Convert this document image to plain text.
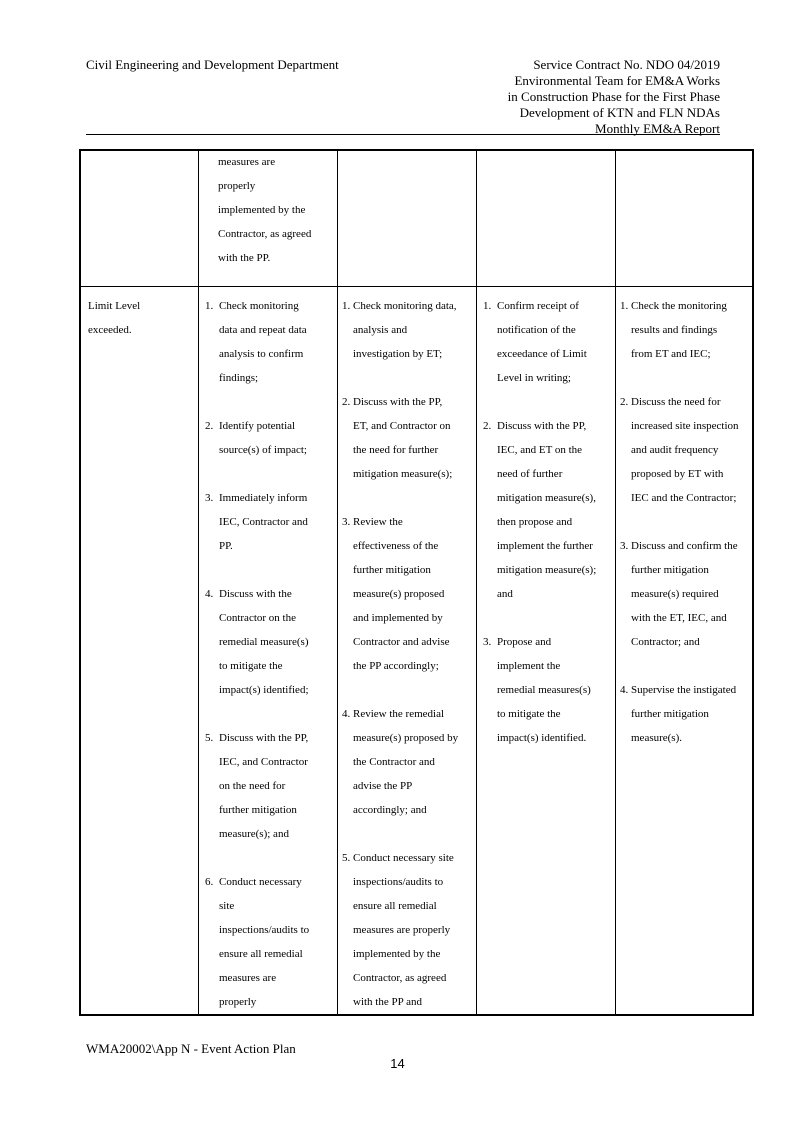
Civil Engineering and Development Department	Service Contract No. NDO 04/2019
Environmental Team for EM&A Works
in Construction Phase for the First Phase
Development of KTN and FLN NDAs
Monthly EM&A Report
measures are
properly
implemented by the
Contractor, as agreed
with the PP.
Limit Level
exceeded.
1. Check monitoring
data and repeat data
analysis to confirm
findings;
2. Identify potential
source(s) of impact;
3. Immediately inform
IEC, Contractor and
PP.
4. Discuss with the
Contractor on the
remedial measure(s)
to mitigate the
impact(s) identified;
5. Discuss with the PP,
IEC, and Contractor
on the need for
further mitigation
measure(s); and
6. Conduct necessary
site
inspections/audits to
ensure all remedial
measures are
properly
1. Check monitoring data,
analysis and
investigation by ET;
2. Discuss with the PP,
ET, and Contractor on
the need for further
mitigation measure(s);
3. Review the
effectiveness of the
further mitigation
measure(s) proposed
and implemented by
Contractor and advise
the PP accordingly;
4. Review the remedial
measure(s) proposed by
the Contractor and
advise the PP
accordingly; and
5. Conduct necessary site
inspections/audits to
ensure all remedial
measures are properly
implemented by the
Contractor, as agreed
with the PP and
1. Confirm receipt of
notification of the
exceedance of Limit
Level in writing;
2. Discuss with the PP,
IEC, and ET on the
need of further
mitigation measure(s),
then propose and
implement the further
mitigation measure(s);
and
3. Propose and
implement the
remedial measures(s)
to mitigate the
impact(s) identified.
1. Check the monitoring
results and findings
from ET and IEC;
2. Discuss the need for
increased site inspection
and audit frequency
proposed by ET with
IEC and the Contractor;
3. Discuss and confirm the
further mitigation
measure(s) required
with the ET, IEC, and
Contractor; and
4. Supervise the instigated
further mitigation
measure(s).
WMA20002\App N - Event Action Plan
14
